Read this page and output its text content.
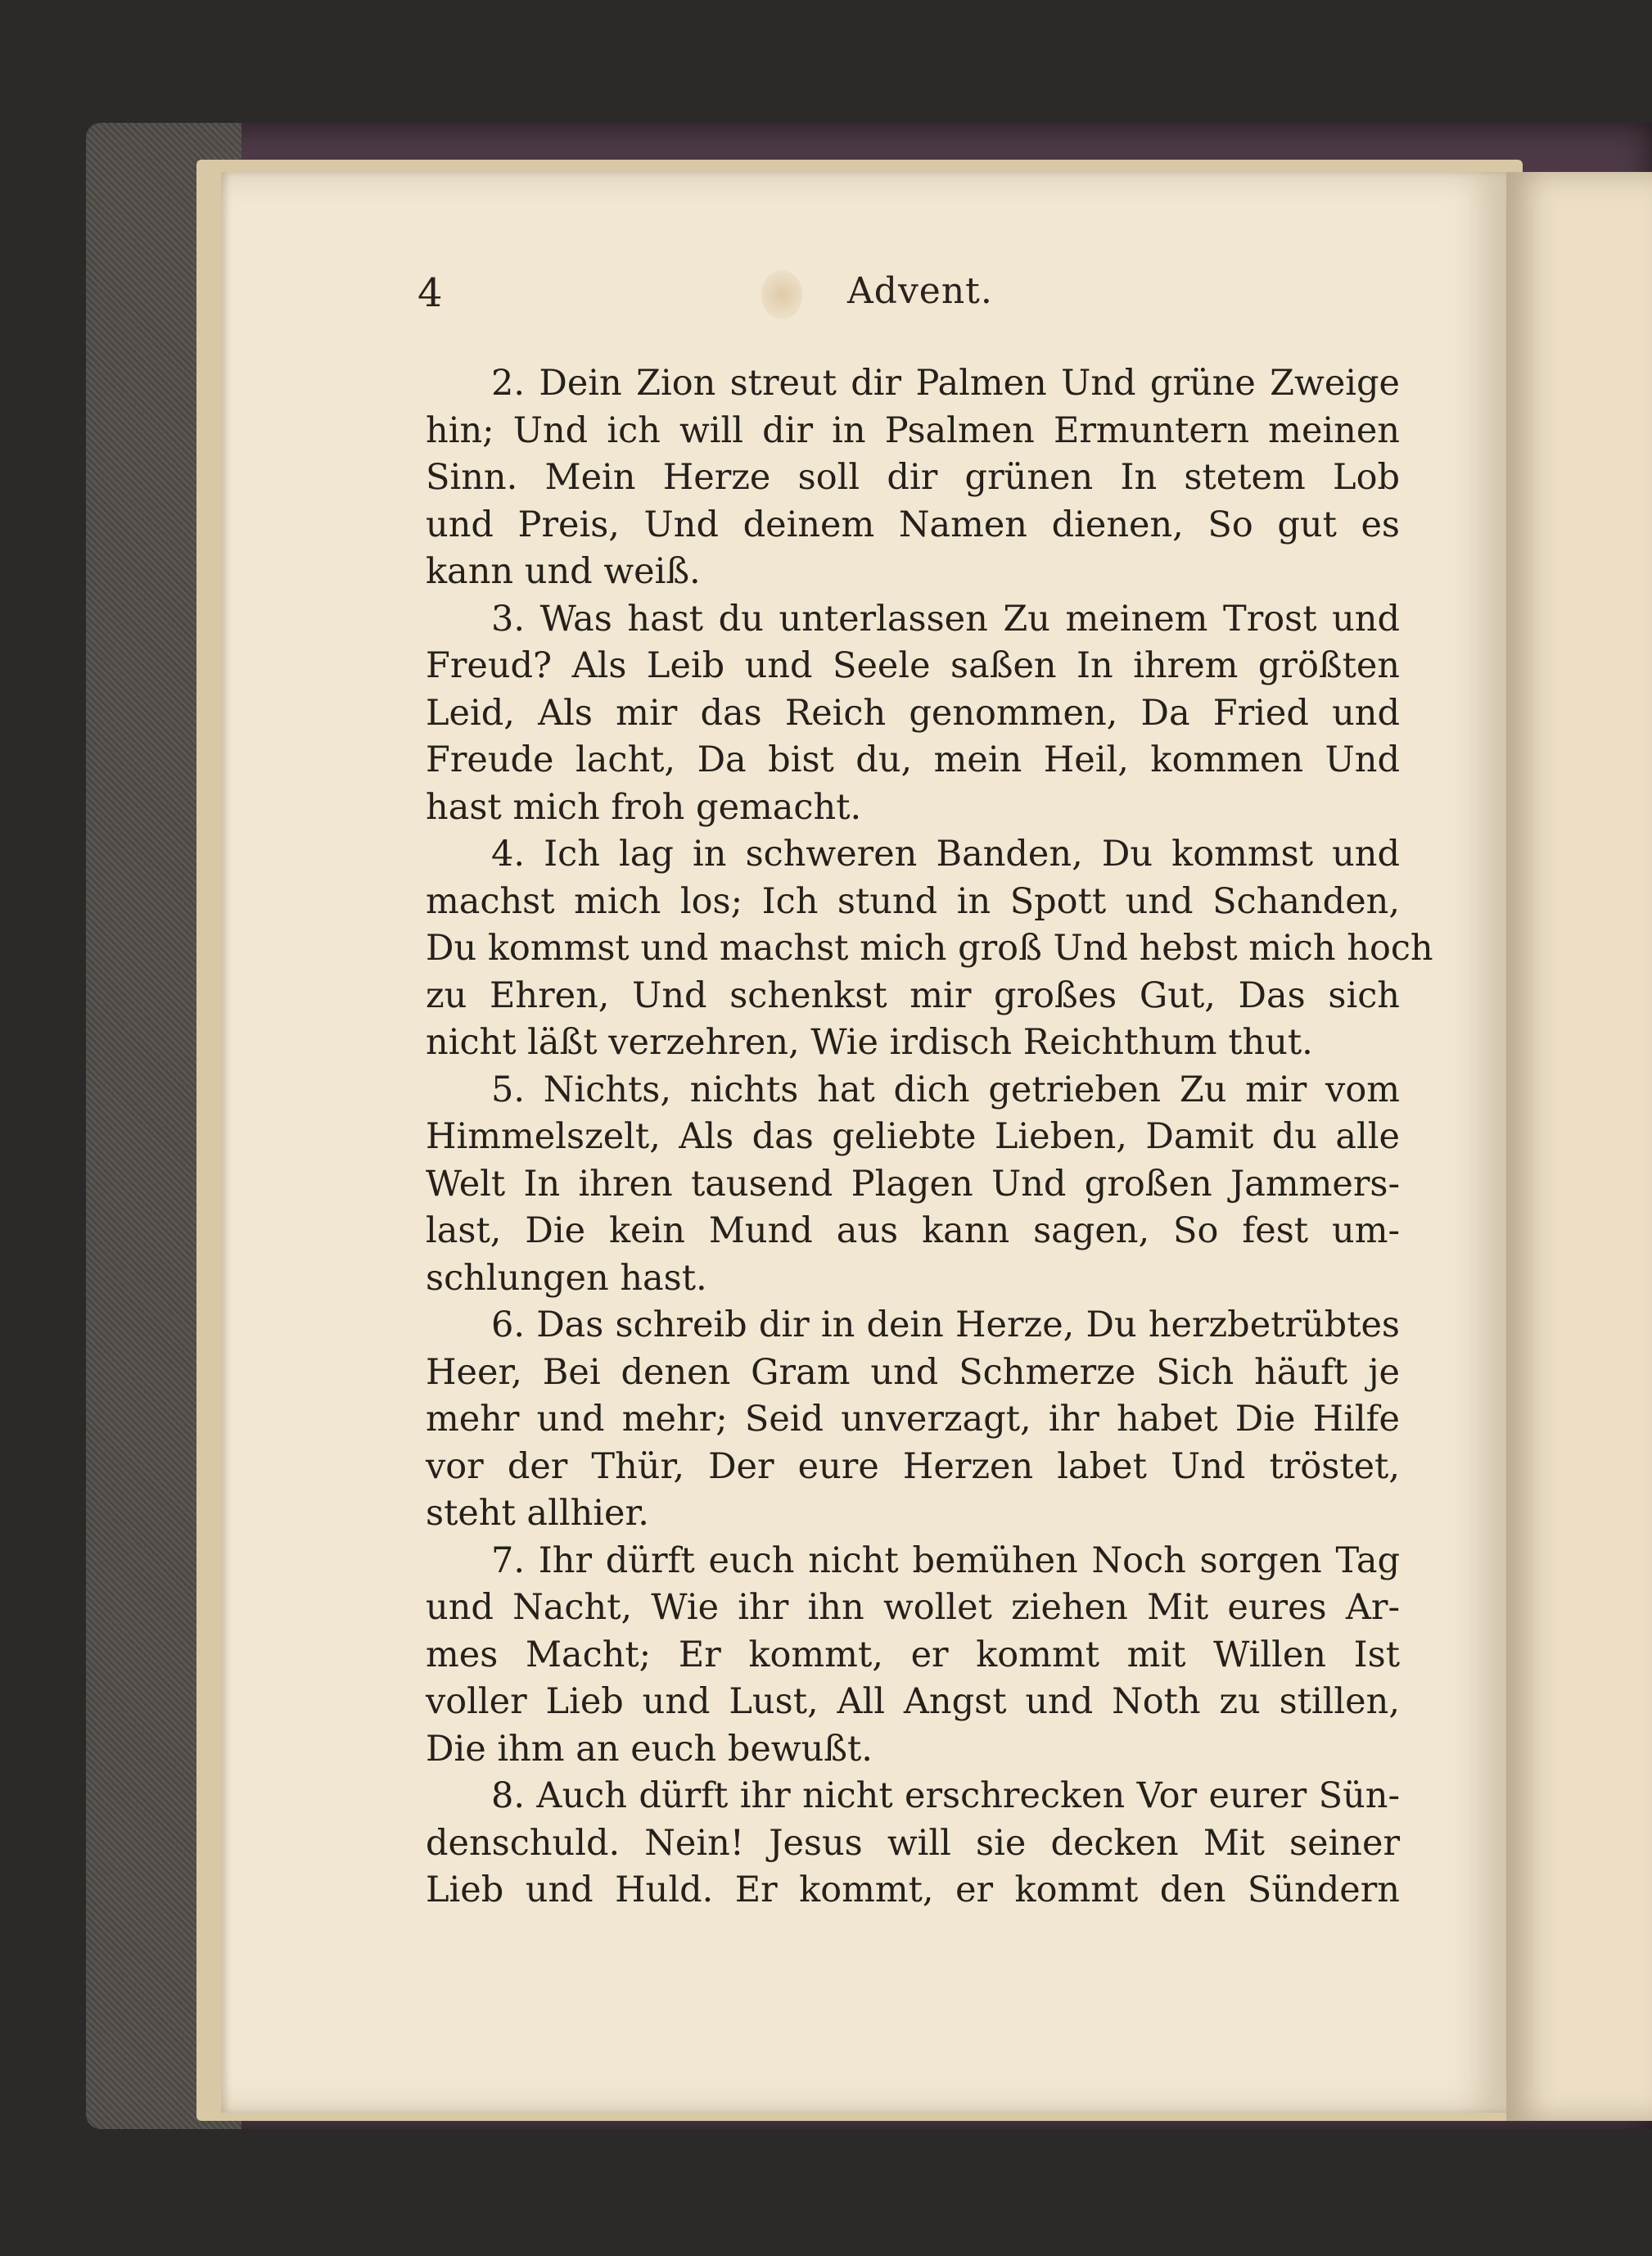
4	Advent.
2. Dein Zion streut dir Palmen Und grüne Zweige
hin; Und ich will dir in Psalmen Ermuntern meinen
Sinn. Mein Herze soll dir grünen In stetem Lob
und Preis, Und deinem Namen dienen, So gut es
kann und weiß.
3. Was hast du unterlassen Zu meinem Trost und
Freud? Als Leib und Seele saßen In ihrem größten
Leid, Als mir das Reich genommen, Da Fried und
Freude lacht, Da bist du, mein Heil, kommen Und
hast mich froh gemacht.
4. Ich lag in schweren Banden, Du kommst und
machst mich los; Ich stund in Spott und Schanden,
Du kommst und machst mich groß Und hebst mich hoch
zu Ehren, Und schenkst mir großes Gut, Das sich
nicht läßt verzehren, Wie irdisch Reichthum thut.
5. Nichts, nichts hat dich getrieben Zu mir vom
Himmelszelt, Als das geliebte Lieben, Damit du alle
Welt In ihren tausend Plagen Und großen Jammers-
last, Die kein Mund aus kann sagen, So fest um-
schlungen hast.
6. Das schreib dir in dein Herze, Du herzbetrübtes
Heer, Bei denen Gram und Schmerze Sich häuft je
mehr und mehr; Seid unverzagt, ihr habet Die Hilfe
vor der Thür, Der eure Herzen labet Und tröstet,
steht allhier.
7. Ihr dürft euch nicht bemühen Noch sorgen Tag
und Nacht, Wie ihr ihn wollet ziehen Mit eures Ar-
mes Macht; Er kommt, er kommt mit Willen Ist
voller Lieb und Lust, All Angst und Noth zu stillen,
Die ihm an euch bewußt.
8. Auch dürft ihr nicht erschrecken Vor eurer Sün-
denschuld. Nein! Jesus will sie decken Mit seiner
Lieb und Huld. Er kommt, er kommt den Sündern
